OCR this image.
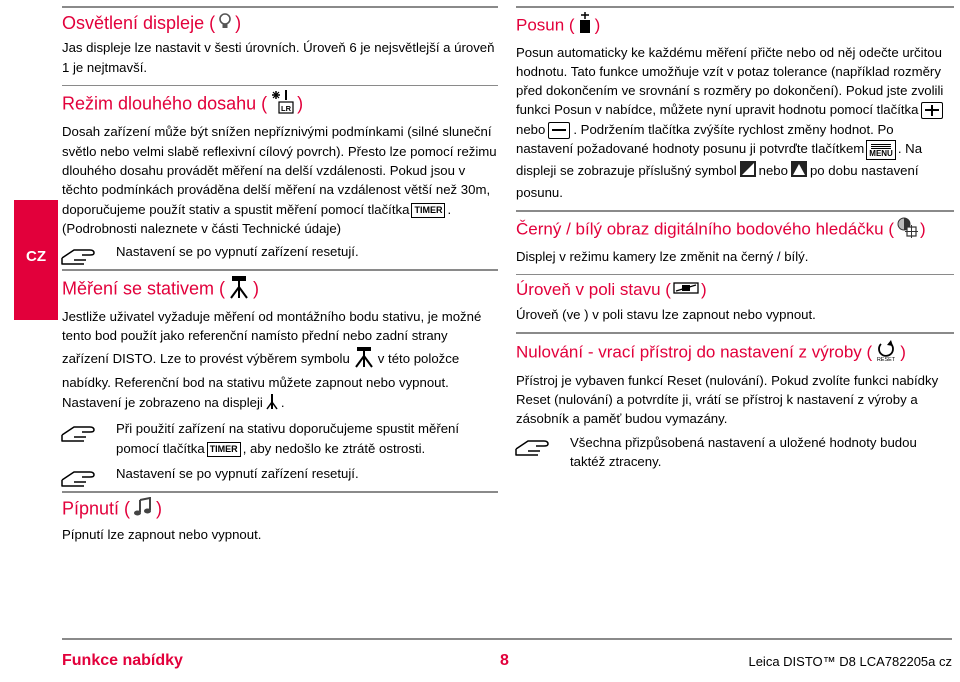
CZ
Osvětlení displeje ( )

Jas displeje lze nastavit v šesti úrovních. Úroveň 6 je nejsvětlejší a úroveň 1 je nejtmavší.

Režim dlouhého dosahu ( LR )

Dosah zařízení může být snížen nepříznivými podmínkami (silné sluneční světlo nebo velmi slabě reflexivní cílový povrch). Přesto lze pomocí režimu dlouhého dosahu provádět měření na delší vzdálenosti. Pokud jsou v těchto podmínkách prováděna delší měření na vzdálenost větší než 30m, doporučujeme použít stativ a spustit měření pomocí tlačítka TIMER . (Podrobnosti naleznete v části Technické údaje)

Nastavení se po vypnutí zařízení resetují.

Měření se stativem ( )

Jestliže uživatel vyžaduje měření od montážního bodu stativu, je možné tento bod použít jako referenční namísto přední nebo zadní strany zařízení DISTO. Lze to provést výběrem symbolu v této položce nabídky. Referenční bod na stativu můžete zapnout nebo vypnout. Nastavení je zobrazeno na displeji .

Při použití zařízení na stativu doporučujeme spustit měření pomocí tlačítka TIMER , aby nedošlo ke ztrátě ostrosti.

Nastavení se po vypnutí zařízení resetují.

Pípnutí ( )

Pípnutí lze zapnout nebo vypnout.

Posun ( )

Posun automaticky ke každému měření přičte nebo od něj odečte určitou hodnotu. Tato funkce umožňuje vzít v potaz tolerance (například rozměry před dokončením ve srovnání s rozměry po dokončení). Pokud jste zvolili funkci Posun v nabídce, můžete nyní upravit hodnotu pomocí tlačítkanebo . Podržením tlačítka zvýšíte rychlost změny hodnot. Po nastavení požadované hodnoty posunu ji potvrďte tlačítkem MENU . Na displeji se zobrazuje příslušný symbol nebo po dobu nastavení posunu.

Černý / bílý obraz digitálního bodového hledáčku ( )

Displej v režimu kamery lze změnit na černý / bílý.

Úroveň v poli stavu ( )

Úroveň (ve ) v poli stavu lze zapnout nebo vypnout.

Nulování - vrací přístroj do nastavení z výroby ( RESET )

Přístroj je vybaven funkcí Reset (nulování). Pokud zvolíte funkci nabídky Reset (nulování) a potvrdíte ji, vrátí se přístroj k nastavení z výroby a zásobník a paměť budou vymazány.

Všechna přizpůsobená nastavení a uložené hodnoty budou taktéž ztraceny.

Funkce nabídky	8	Leica DISTO™ D8 LCA782205a cz
